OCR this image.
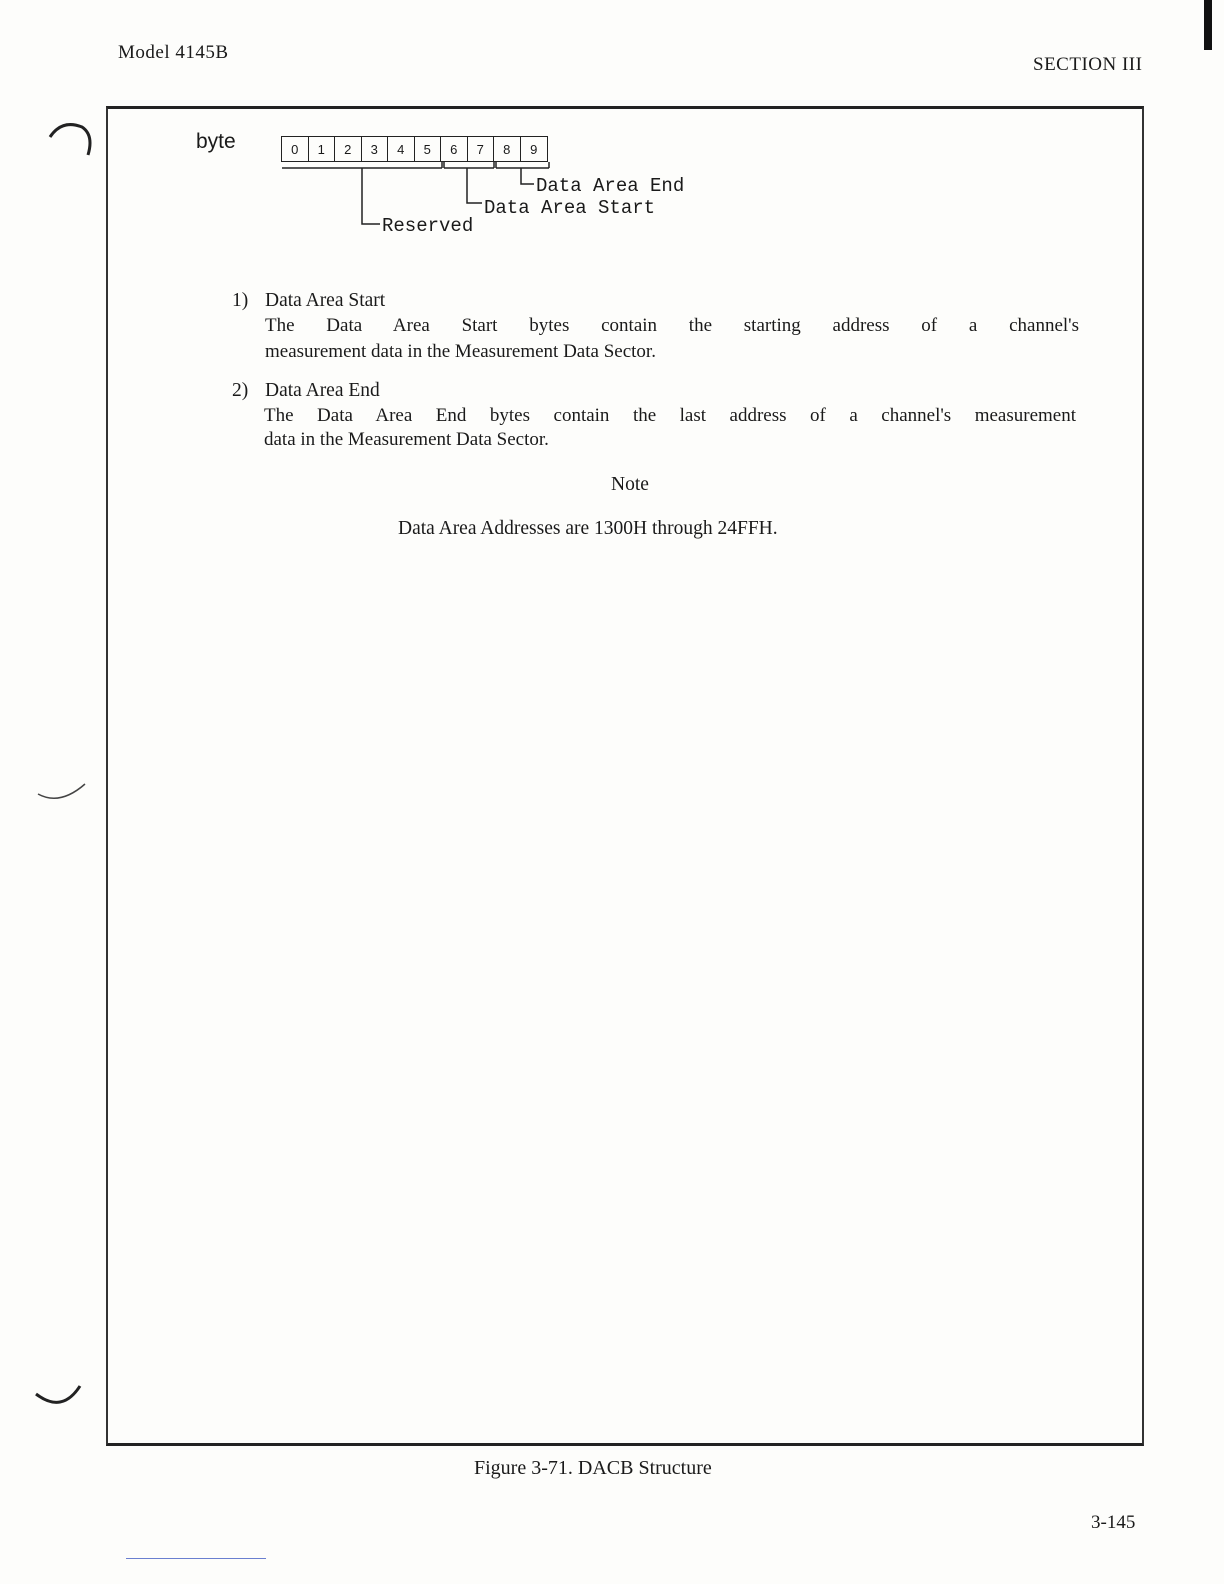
Model 4145B
SECTION III
byte	0	1	2	3	4	5	6	7	8	9
Data Area End
Data Area Start
Reserved
1) Data Area Start
The Data Area Start bytes contain the starting address of a channel's
measurement data in the Measurement Data Sector.
2) Data Area End
The Data Area End bytes contain the last address of a channel's measurement
data in the Measurement Data Sector.
Note
Data Area Addresses are 1300H through 24FFH.
Figure 3-71. DACB Structure
3-145
